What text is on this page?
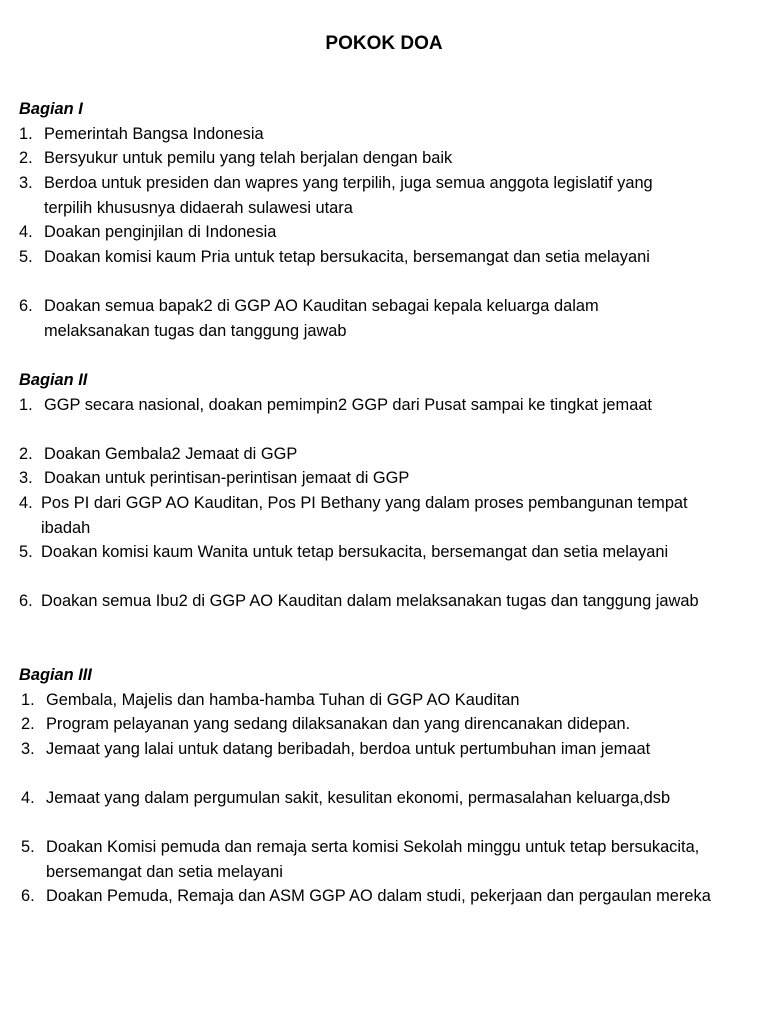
POKOK DOA
Bagian I
1. Pemerintah Bangsa Indonesia
2. Bersyukur untuk pemilu yang telah berjalan dengan baik
3. Berdoa untuk presiden dan wapres yang terpilih, juga semua anggota legislatif yang terpilih khususnya didaerah sulawesi utara
4. Doakan penginjilan di Indonesia
5. Doakan komisi kaum Pria untuk tetap bersukacita, bersemangat dan setia melayani
6. Doakan semua bapak2 di GGP AO Kauditan sebagai kepala keluarga dalam melaksanakan tugas dan tanggung jawab
Bagian II
1. GGP secara nasional, doakan pemimpin2 GGP dari Pusat sampai ke tingkat jemaat
2. Doakan Gembala2 Jemaat di GGP
3. Doakan untuk perintisan-perintisan jemaat di GGP
4. Pos PI dari GGP AO Kauditan, Pos PI Bethany yang dalam proses pembangunan tempat ibadah
5. Doakan komisi kaum Wanita untuk tetap bersukacita, bersemangat dan setia melayani
6. Doakan semua Ibu2 di GGP AO Kauditan dalam melaksanakan tugas dan tanggung jawab
Bagian III
1. Gembala, Majelis dan hamba-hamba Tuhan di GGP AO Kauditan
2. Program pelayanan yang sedang dilaksanakan dan yang direncanakan didepan.
3. Jemaat yang lalai untuk datang beribadah, berdoa untuk pertumbuhan iman jemaat
4. Jemaat yang dalam pergumulan sakit, kesulitan ekonomi, permasalahan keluarga,dsb
5. Doakan Komisi pemuda dan remaja serta komisi Sekolah minggu untuk tetap bersukacita, bersemangat dan setia melayani
6. Doakan Pemuda, Remaja dan ASM GGP AO dalam studi, pekerjaan dan pergaulan mereka
